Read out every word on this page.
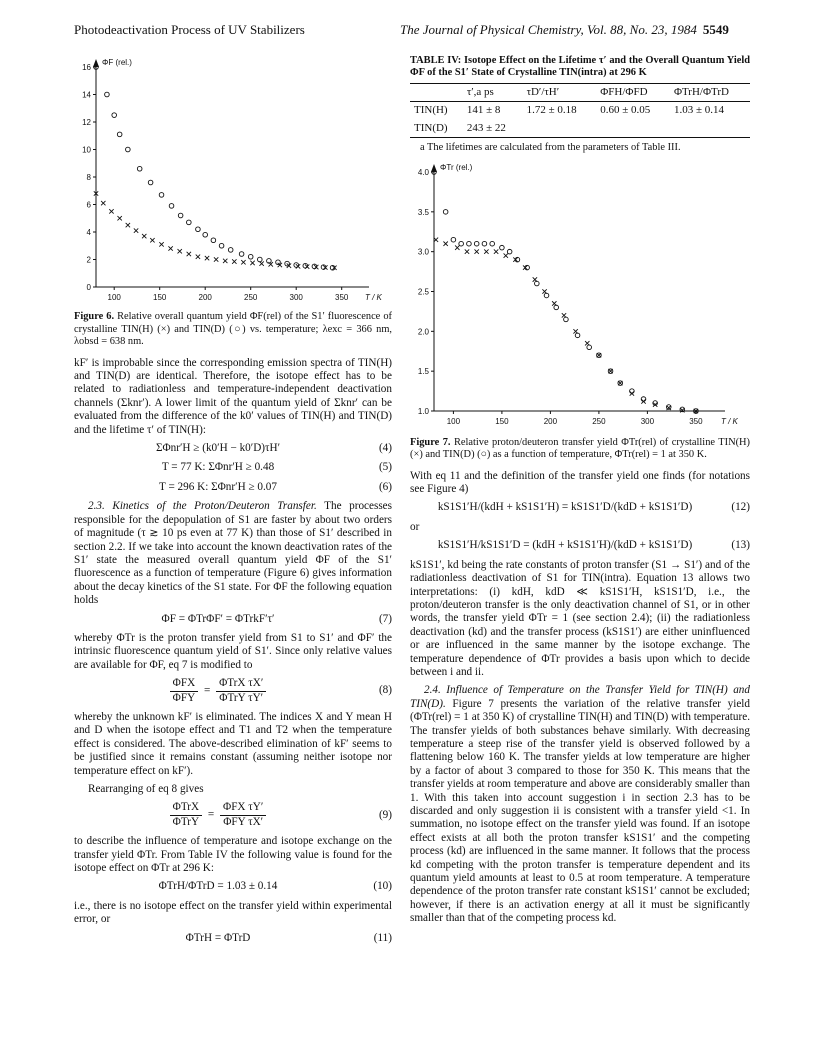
Photodeactivation Process of UV Stabilizers	The Journal of Physical Chemistry, Vol. 88, No. 23, 1984 5549
100	150	200	250	300	350
0
2
4
6
8
10
12
14
16
ΦF (rel.)
T / K
Figure 6. Relative overall quantum yield ΦF(rel) of the S1′ fluorescence of crystalline TIN(H) (×) and TIN(D) (○) vs. temperature; λexc = 366 nm, λobsd = 638 nm.

kF′ is improbable since the corresponding emission spectra of TIN(H) and TIN(D) are identical. Therefore, the isotope effect has to be related to radiationless and temperature-independent deactivation channels (Σknr′). A lower limit of the quantum yield of Σknr′ can be evaluated from the difference of the k0′ values of TIN(H) and TIN(D) and the lifetime τ′ of TIN(H):

ΣΦnr′H ≥ (k0′H − k0′D)τH′	(4)
T = 77 K: ΣΦnr′H ≥ 0.48	(5)
T = 296 K: ΣΦnr′H ≥ 0.07	(6)

2.3. Kinetics of the Proton/Deuteron Transfer. The processes responsible for the depopulation of S1 are faster by about two orders of magnitude (τ ≳ 10 ps even at 77 K) than those of S1′ described in section 2.2. If we take into account the known deactivation rates of the S1′ state the measured overall quantum yield ΦF of the S1′ fluorescence as a function of temperature (Figure 6) gives information about the decay kinetics of the S1 state. For ΦF the following equation holds

ΦF = ΦTrΦF′ = ΦTrkF′τ′	(7)

whereby ΦTr is the proton transfer yield from S1 to S1′ and ΦF′ the intrinsic fluorescence quantum yield of S1′. Since only relative values are available for ΦF, eq 7 is modified to

$\frac{\text{ΦFX}}{\text{ΦFY}} = \frac{\text{ΦTrX τX′}}{\text{ΦTrY τY′}}$	(8)

whereby the unknown kF′ is eliminated. The indices X and Y mean H and D when the isotope effect and T1 and T2 when the temperature effect is considered. The above-described elimination of kF′ seems to be justified since it remains constant (assuming neither isotope nor temperature effect on kF′).

Rearranging of eq 8 gives

$\frac{\text{ΦTrX}}{\text{ΦTrY}} = \frac{\text{ΦFX τY′}}{\text{ΦFY τX′}}$	(9)

to describe the influence of temperature and isotope exchange on the transfer yield ΦTr. From Table IV the following value is found for the isotope effect on ΦTr at 296 K:

ΦTrH/ΦTrD = 1.03 ± 0.14	(10)

i.e., there is no isotope effect on the transfer yield within experimental error, or

ΦTrH = ΦTrD	(11)
TABLE IV: Isotope Effect on the Lifetime τ′ and the Overall Quantum Yield ΦF of the S1′ State of Crystalline TIN(intra) at 296 K
	τ′,a ps	τD′/τH′	ΦFH/ΦFD	ΦTrH/ΦTrD
TIN(H)	141 ± 8	1.72 ± 0.18	0.60 ± 0.05	1.03 ± 0.14
TIN(D)	243 ± 22			
a The lifetimes are calculated from the parameters of Table III.
100	150	200	250	300	350
1.0
1.5
2.0
2.5
3.0
3.5
4.0
ΦTr (rel.)
T / K
Figure 7. Relative proton/deuteron transfer yield ΦTr(rel) of crystalline TIN(H) (×) and TIN(D) (○) as a function of temperature, ΦTr(rel) = 1 at 350 K.

With eq 11 and the definition of the transfer yield one finds (for notations see Figure 4)

kS1S1′H/(kdH + kS1S1′H) = kS1S1′D/(kdD + kS1S1′D)	(12)

or

kS1S1′H/kS1S1′D = (kdH + kS1S1′H)/(kdD + kS1S1′D)	(13)

kS1S1′, kd being the rate constants of proton transfer (S1 → S1′) and of the radiationless deactivation of S1 for TIN(intra). Equation 13 allows two interpretations: (i) kdH, kdD ≪ kS1S1′H, kS1S1′D, i.e., the proton/deuteron transfer is the only deactivation channel of S1, or in other words, the transfer yield ΦTr = 1 (see section 2.4); (ii) the radiationless deactivation (kd) and the transfer process (kS1S1′) are either uninfluenced or are influenced in the same manner by the isotope exchange. The temperature dependence of ΦTr provides a basis upon which to decide between i and ii.

2.4. Influence of Temperature on the Transfer Yield for TIN(H) and TIN(D). Figure 7 presents the variation of the relative transfer yield (ΦTr(rel) = 1 at 350 K) of crystalline TIN(H) and TIN(D) with temperature. The transfer yields of both substances behave similarly. With decreasing temperature a steep rise of the transfer yield is observed followed by a flattening below 160 K. The transfer yields at low temperature are higher by a factor of about 3 compared to those for 350 K. This means that the transfer yields at room temperature and above are considerably smaller than 1. With this taken into account suggestion i in section 2.3 has to be discarded and only suggestion ii is consistent with a transfer yield <1. In summation, no isotope effect on the transfer yield was found. If an isotope effect exists at all both the proton transfer kS1S1′ and the competing process (kd) are influenced in the same manner. It follows that the process kd competing with the proton transfer is temperature dependent and its quantum yield amounts at least to 0.5 at room temperature. A temperature dependence of the proton transfer rate constant kS1S1′ cannot be excluded; however, if there is an activation energy at all it must be significantly smaller than that of the competing process kd.
